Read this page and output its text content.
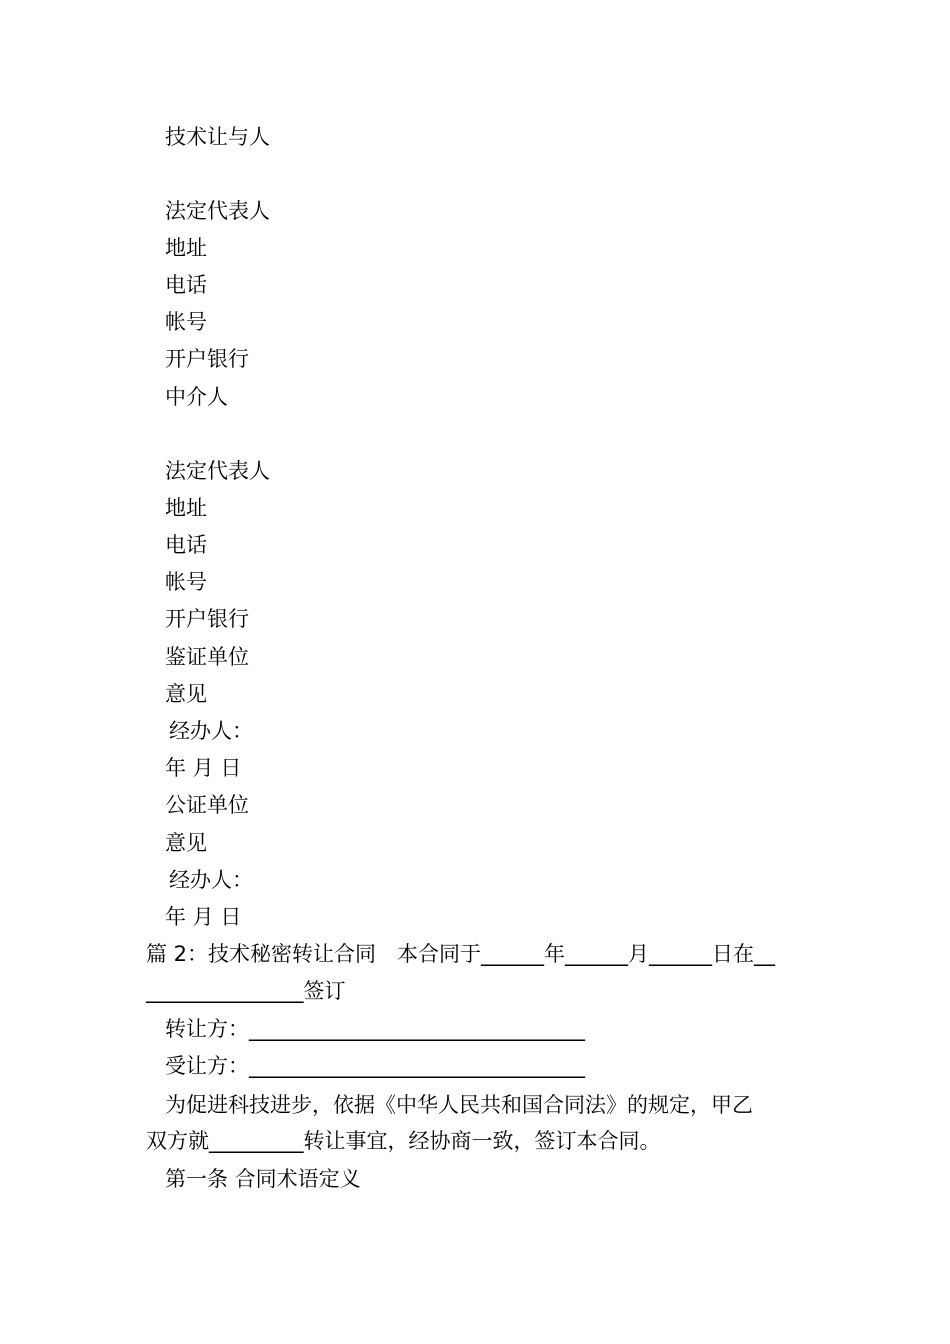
技术让与人
法定代表人
地址
电话
帐号
开户银行
中介人
法定代表人
地址
电话
帐号
开户银行
鉴证单位
意见
经办人：
年 月 日
公证单位
意见
经办人：
年 月 日
篇 2：技术秘密转让合同　本合同于______年______月______日在__
_______________签订
转让方：________________________________
受让方：________________________________
为促进科技进步，依据《中华人民共和国合同法》的规定，甲乙
双方就_________转让事宜，经协商一致，签订本合同。
第一条 合同术语定义
